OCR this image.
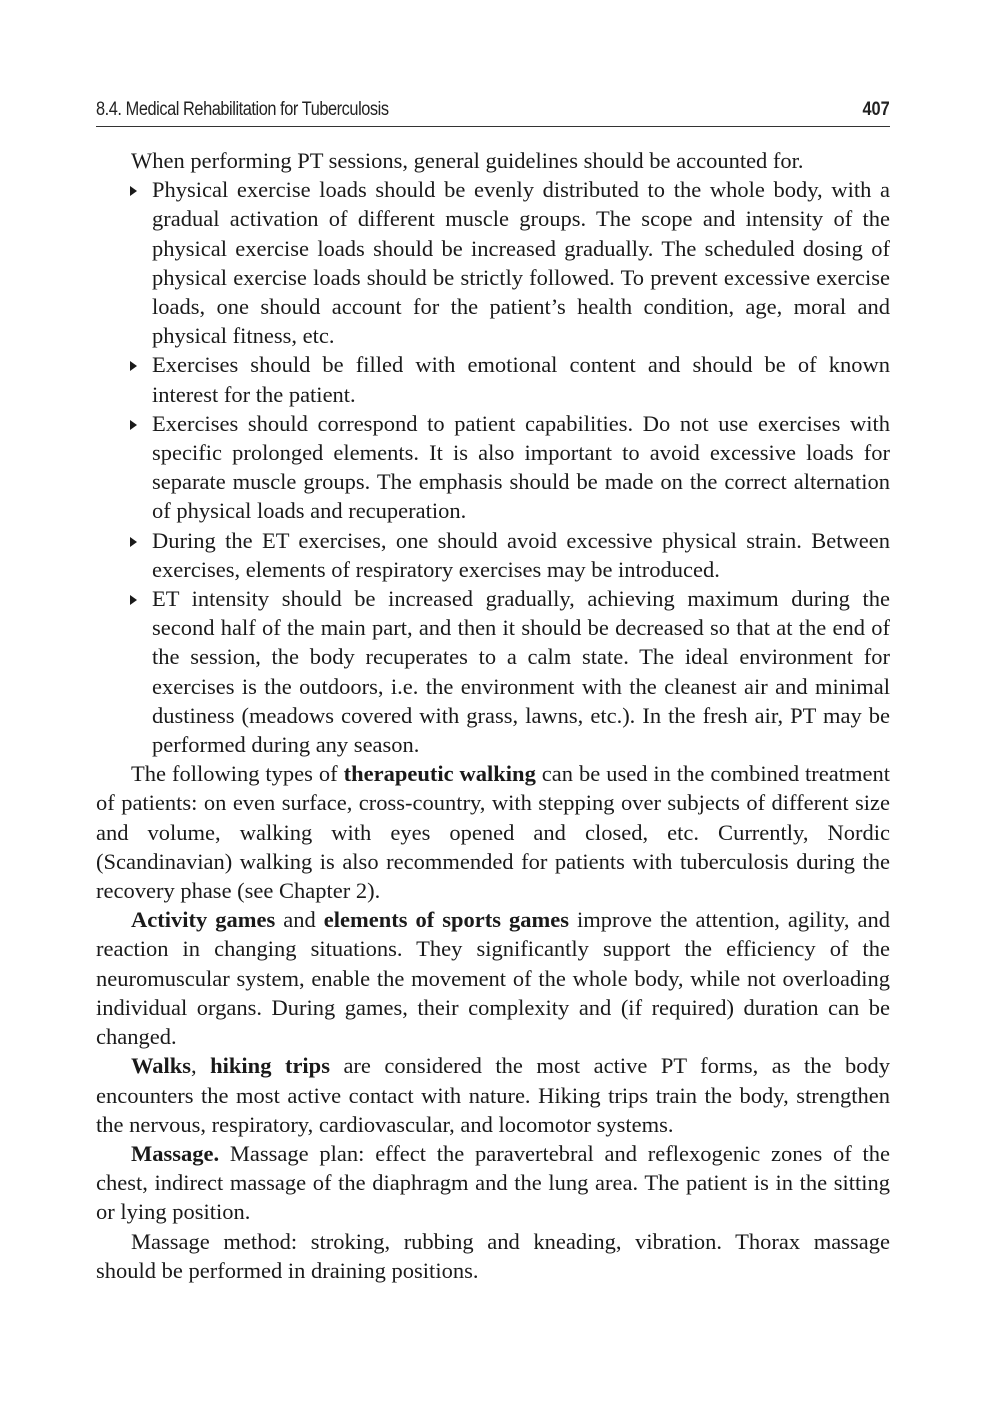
8.4. Medical Rehabilitation for Tuberculosis	407

When performing PT sessions, general guidelines should be accounted for.

Physical exercise loads should be evenly distributed to the whole body, with a gradual activation of different muscle groups. The scope and intensity of the physical exercise loads should be increased gradually. The scheduled dosing of physical exercise loads should be strictly followed. To prevent excessive exercise loads, one should account for the patient’s health condition, age, moral and physical fitness, etc.
Exercises should be filled with emotional content and should be of known interest for the patient.
Exercises should correspond to patient capabilities. Do not use exercises with specific prolonged elements. It is also important to avoid excessive loads for separate muscle groups. The emphasis should be made on the correct alternation of physical loads and recuperation.
During the ET exercises, one should avoid excessive physical strain. Between exercises, elements of respiratory exercises may be introduced.
ET intensity should be increased gradually, achieving maximum during the second half of the main part, and then it should be decreased so that at the end of the session, the body recuperates to a calm state. The ideal environment for exercises is the outdoors, i.e. the environment with the cleanest air and minimal dustiness (meadows covered with grass, lawns, etc.). In the fresh air, PT may be performed during any season.

The following types of therapeutic walking can be used in the combined treatment of patients: on even surface, cross-country, with stepping over subjects of different size and volume, walking with eyes opened and closed, etc. Currently, Nordic (Scandinavian) walking is also recommended for patients with tuberculosis during the recovery phase (see Chapter 2).

Activity games and elements of sports games improve the attention, agility, and reaction in changing situations. They significantly support the efficiency of the neuromuscular system, enable the movement of the whole body, while not overloading individual organs. During games, their complexity and (if required) duration can be changed.

Walks, hiking trips are considered the most active PT forms, as the body encounters the most active contact with nature. Hiking trips train the body, strengthen the nervous, respiratory, cardiovascular, and locomotor systems.

Massage. Massage plan: effect the paravertebral and reflexogenic zones of the chest, indirect massage of the diaphragm and the lung area. The patient is in the sitting or lying position.

Massage method: stroking, rubbing and kneading, vibration. Thorax massage should be performed in draining positions.
